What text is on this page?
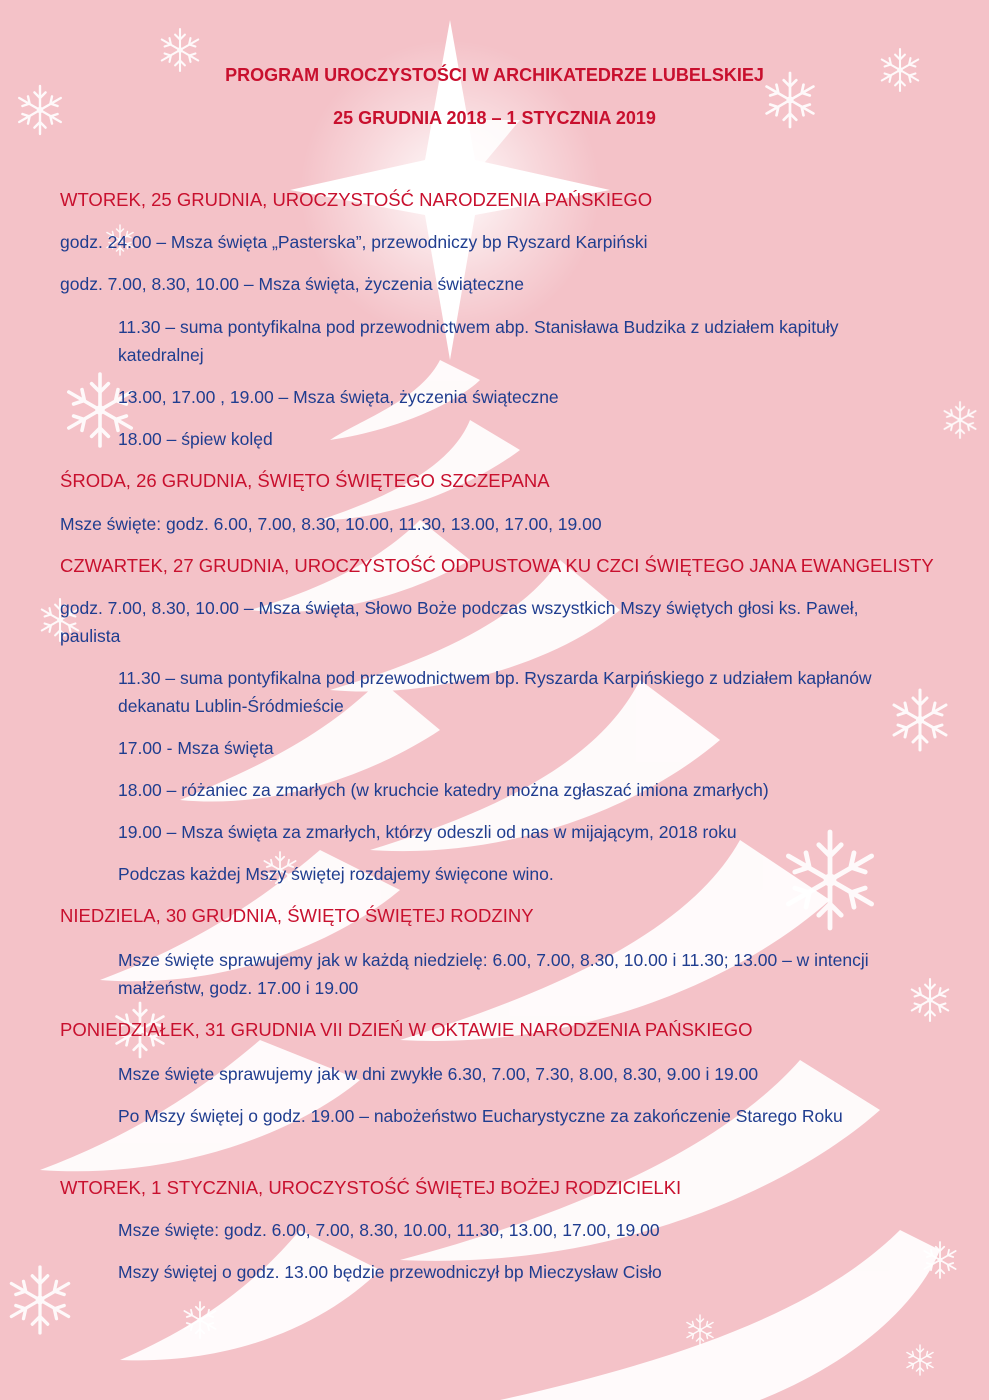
PROGRAM UROCZYSTOŚCI W ARCHIKATEDRZE LUBELSKIEJ
25 GRUDNIA 2018 – 1 STYCZNIA 2019
WTOREK, 25 GRUDNIA, UROCZYSTOŚĆ NARODZENIA PAŃSKIEGO
godz. 24.00 – Msza święta „Pasterska”, przewodniczy bp Ryszard Karpiński
godz. 7.00, 8.30, 10.00 – Msza święta, życzenia świąteczne
11.30 – suma pontyfikalna pod przewodnictwem abp. Stanisława Budzika z udziałem kapituły katedralnej
13.00, 17.00 , 19.00 – Msza święta, życzenia świąteczne
18.00 – śpiew kolęd
ŚRODA, 26 GRUDNIA, ŚWIĘTO ŚWIĘTEGO SZCZEPANA
Msze święte: godz. 6.00, 7.00, 8.30, 10.00, 11.30, 13.00, 17.00, 19.00
CZWARTEK, 27 GRUDNIA, UROCZYSTOŚĆ ODPUSTOWA KU CZCI ŚWIĘTEGO JANA EWANGELISTY
godz. 7.00, 8.30, 10.00 – Msza święta, Słowo Boże podczas wszystkich Mszy świętych głosi ks. Paweł, paulista
11.30 – suma pontyfikalna pod przewodnictwem bp. Ryszarda Karpińskiego z udziałem kapłanów dekanatu Lublin-Śródmieście
17.00 - Msza święta
18.00 – różaniec za zmarłych (w kruchcie katedry można zgłaszać imiona zmarłych)
19.00 – Msza święta za zmarłych, którzy odeszli od nas w mijającym, 2018 roku
Podczas każdej Mszy świętej rozdajemy święcone wino.
NIEDZIELA, 30 GRUDNIA, ŚWIĘTO ŚWIĘTEJ RODZINY
Msze święte sprawujemy jak w każdą niedzielę: 6.00, 7.00, 8.30, 10.00 i 11.30; 13.00 – w intencji małżeństw, godz. 17.00 i 19.00
PONIEDZIAŁEK, 31 GRUDNIA VII DZIEŃ W OKTAWIE NARODZENIA PAŃSKIEGO
Msze święte sprawujemy jak w dni zwykłe 6.30, 7.00, 7.30, 8.00, 8.30, 9.00 i 19.00
Po Mszy świętej o godz. 19.00 – nabożeństwo Eucharystyczne za zakończenie Starego Roku
WTOREK, 1 STYCZNIA, UROCZYSTOŚĆ ŚWIĘTEJ BOŻEJ RODZICIELKI
Msze święte: godz. 6.00, 7.00, 8.30, 10.00, 11.30, 13.00, 17.00, 19.00
Mszy świętej o godz. 13.00 będzie przewodniczył bp Mieczysław Cisło
